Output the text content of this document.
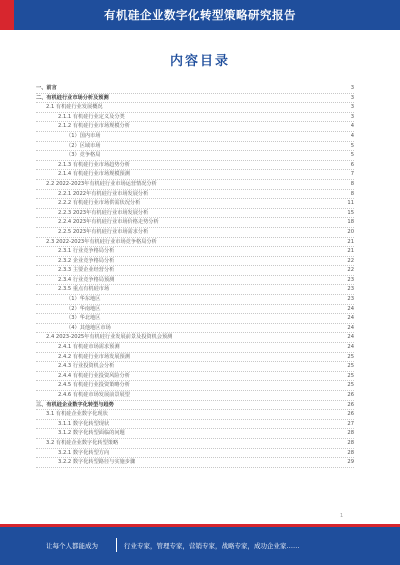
有机硅企业数字化转型策略研究报告
内容目录
一、前言	3
二、有机硅行业市场分析及预测	3
2.1 有机硅行业发展概况	3
2.1.1 有机硅行业定义及分类	3
2.1.2 有机硅行业市场规模分析	4
（1）国内市场	4
（2）区域市场	5
（3）竞争格局	5
2.1.3 有机硅行业市场趋势分析	6
2.1.4 有机硅行业市场规模预测	7
2.2 2022-2023年有机硅行业市场运营情况分析	8
2.2.1 2022年有机硅行业市场发展分析	8
2.2.2 有机硅行业市场供需状况分析	11
2.2.3 2023年有机硅行业市场发展分析	15
2.2.4 2023年有机硅行业市场价格走势分析	18
2.2.5 2023年有机硅行业市场需求分析	20
2.3 2022-2023年有机硅行业市场竞争格局分析	21
2.3.1 行业竞争格局分析	21
2.3.2 企业竞争格局分析	22
2.3.3 主要企业经营分析	22
2.3.4 行业竞争格局预测	23
2.3.5 重点有机硅市场	23
（1）华东地区	23
（2）华南地区	24
（3）华北地区	24
（4）其他地区市场	24
2.4 2023-2025年有机硅行业发展前景及投资机会预测	24
2.4.1 有机硅市场需求预测	24
2.4.2 有机硅行业市场发展预测	25
2.4.3 行业投资机会分析	25
2.4.4 有机硅行业投资风险分析	25
2.4.5 有机硅行业投资策略分析	25
2.4.6 有机硅市场发展前景展望	26
三、有机硅企业数字化转型与趋势	26
3.1 有机硅企业数字化现状	26
3.1.1 数字化转型现状	27
3.1.2 数字化转型面临的问题	28
3.2 有机硅企业数字化转型策略	28
3.2.1 数字化转型方向	28
3.2.2 数字化转型路径与实施步骤	29
1
让每个人都能成为	行业专家，管理专家，营销专家，战略专家，成功企业家……
